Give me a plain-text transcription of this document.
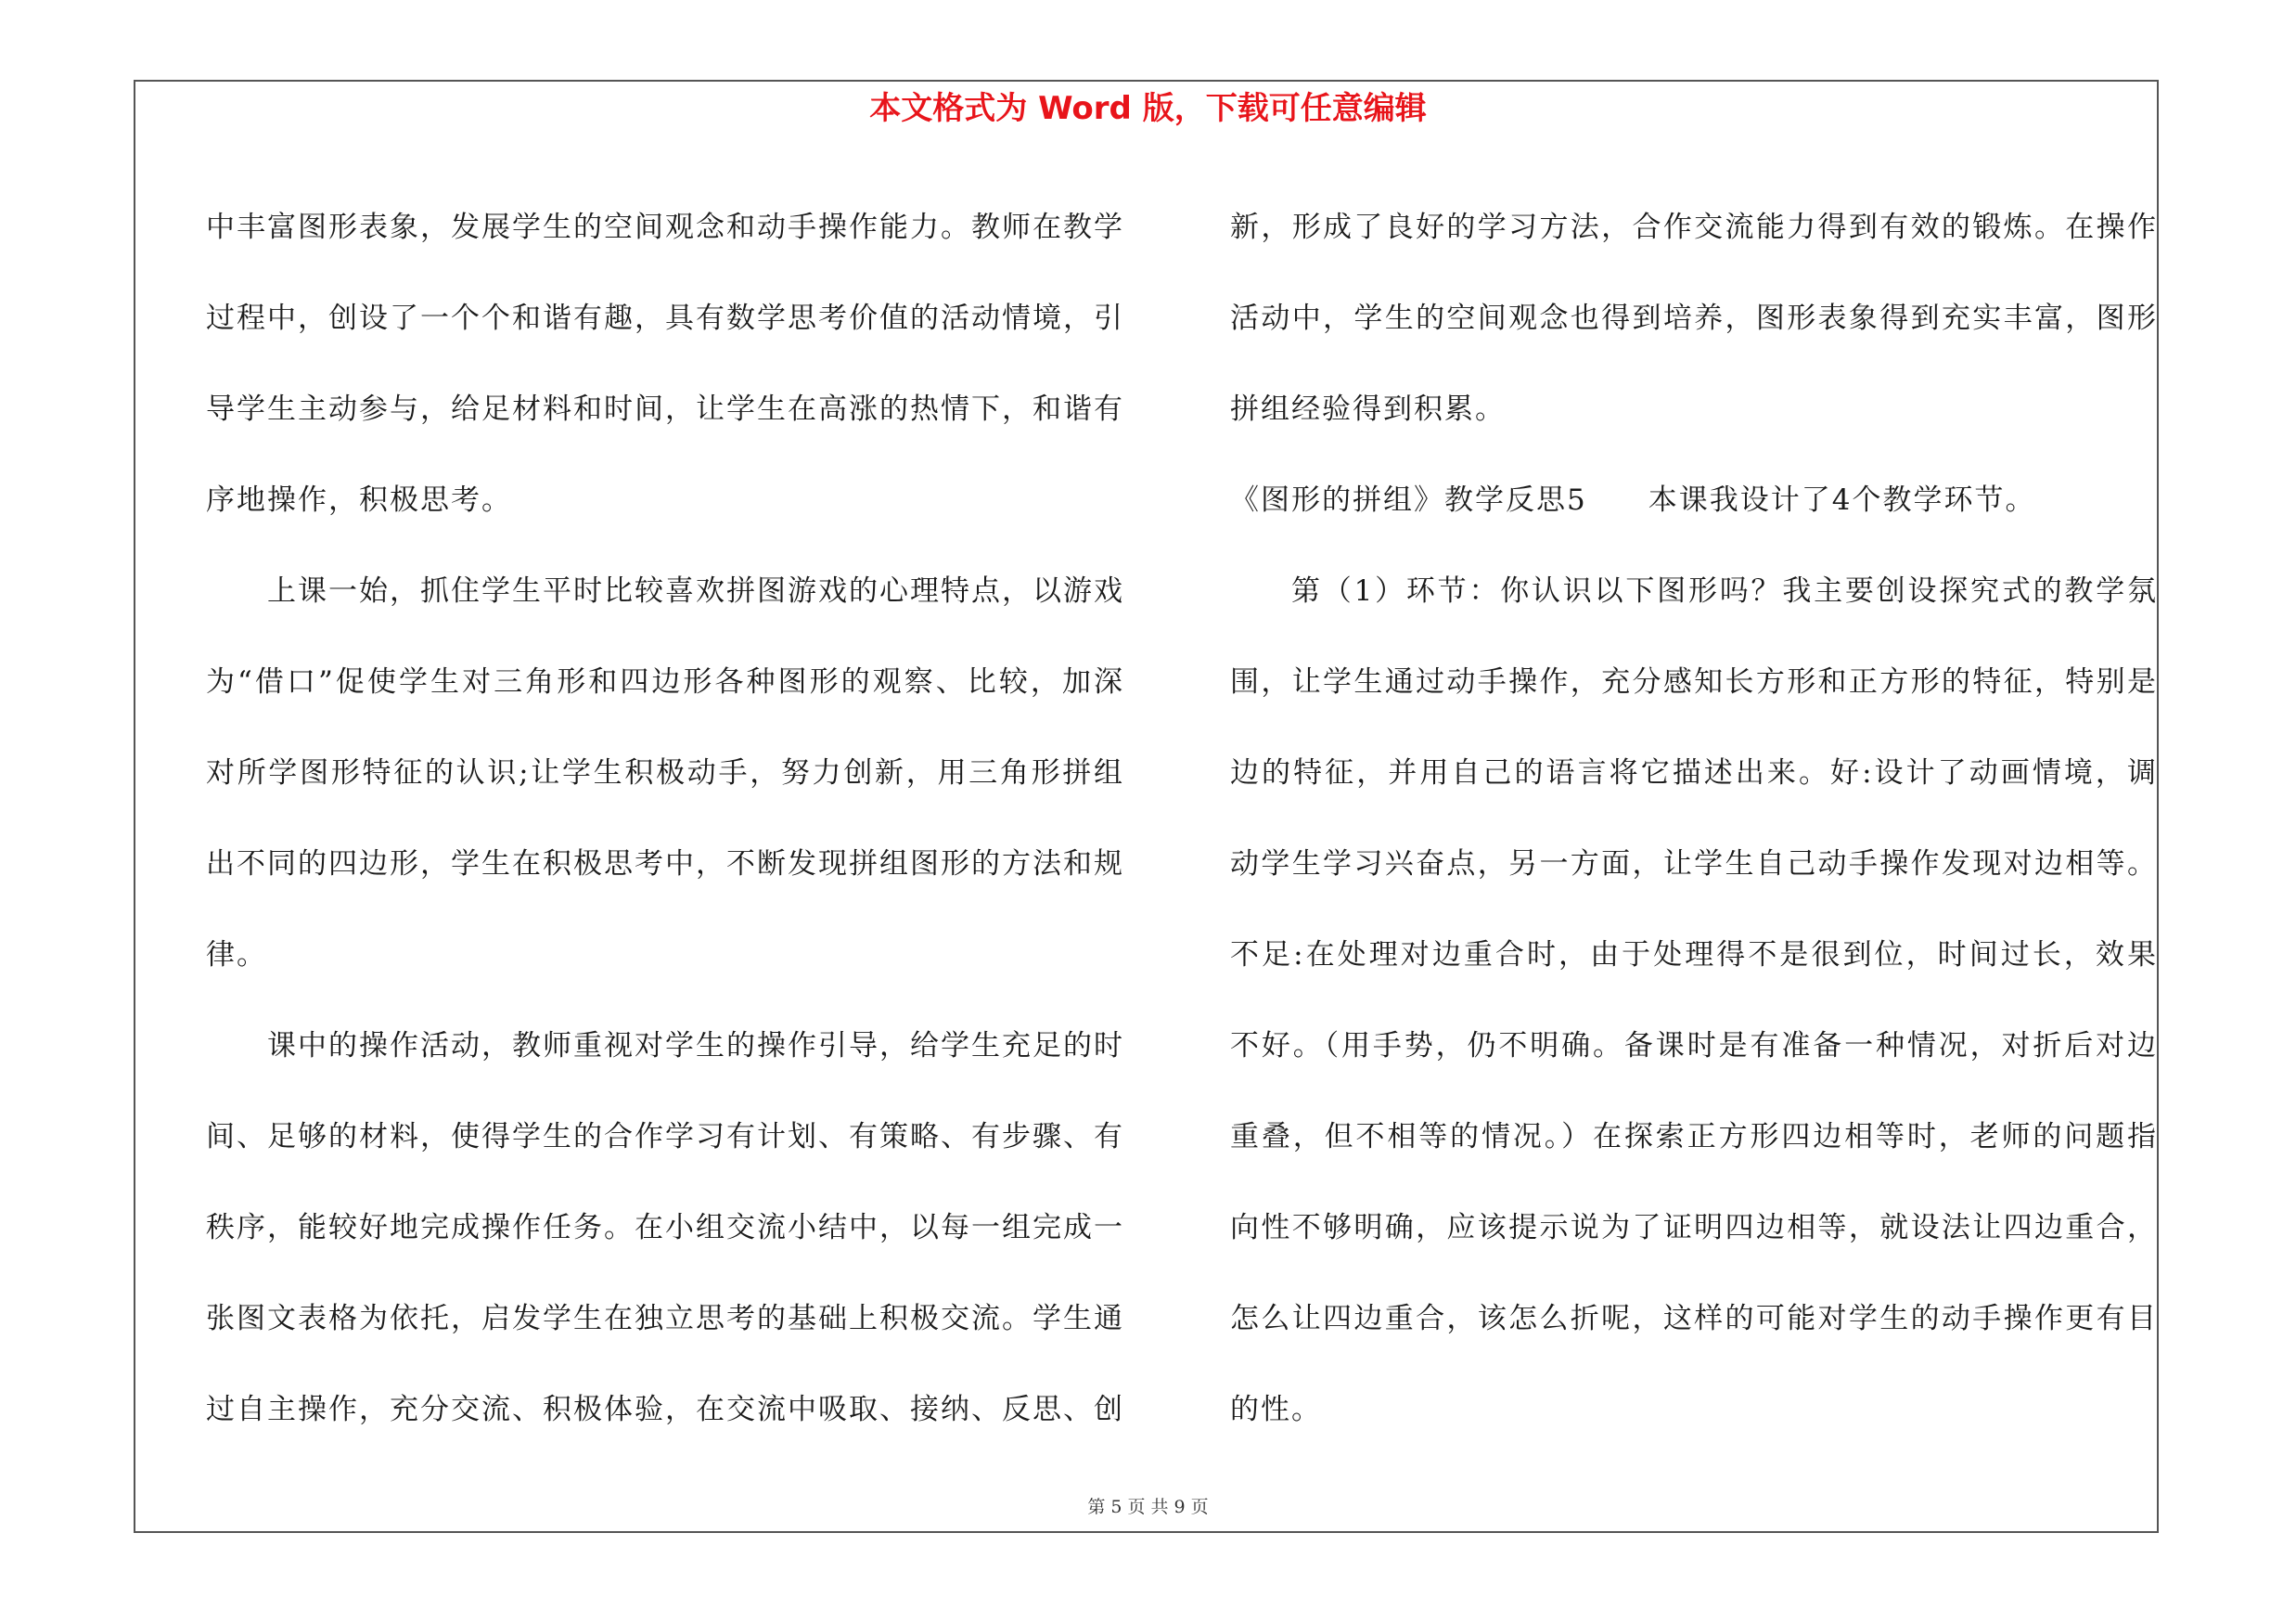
本文格式为 Word 版，下载可任意编辑

中丰富图形表象，发展学生的空间观念和动手操作能力。教师在教学过程中，创设了一个个和谐有趣，具有数学思考价值的活动情境，引导学生主动参与，给足材料和时间，让学生在高涨的热情下，和谐有序地操作，积极思考。

上课一始，抓住学生平时比较喜欢拼图游戏的心理特点，以游戏为“借口”促使学生对三角形和四边形各种图形的观察、比较，加深对所学图形特征的认识;让学生积极动手，努力创新，用三角形拼组出不同的四边形，学生在积极思考中，不断发现拼组图形的方法和规律。

课中的操作活动，教师重视对学生的操作引导，给学生充足的时间、足够的材料，使得学生的合作学习有计划、有策略、有步骤、有秩序，能较好地完成操作任务。在小组交流小结中，以每一组完成一张图文表格为依托，启发学生在独立思考的基础上积极交流。学生通过自主操作，充分交流、积极体验，在交流中吸取、接纳、反思、创

新，形成了良好的学习方法，合作交流能力得到有效的锻炼。在操作活动中，学生的空间观念也得到培养，图形表象得到充实丰富，图形拼组经验得到积累。

《图形的拼组》教学反思5　　本课我设计了4个教学环节。

第（1）环节：你认识以下图形吗？我主要创设探究式的教学氛围，让学生通过动手操作，充分感知长方形和正方形的特征，特别是边的特征，并用自己的语言将它描述出来。好:设计了动画情境，调动学生学习兴奋点，另一方面，让学生自己动手操作发现对边相等。不足:在处理对边重合时，由于处理得不是很到位，时间过长，效果不好。（用手势，仍不明确。备课时是有准备一种情况，对折后对边重叠，但不相等的情况。）在探索正方形四边相等时，老师的问题指向性不够明确，应该提示说为了证明四边相等，就设法让四边重合，怎么让四边重合，该怎么折呢，这样的可能对学生的动手操作更有目的性。

第 5 页 共 9 页
